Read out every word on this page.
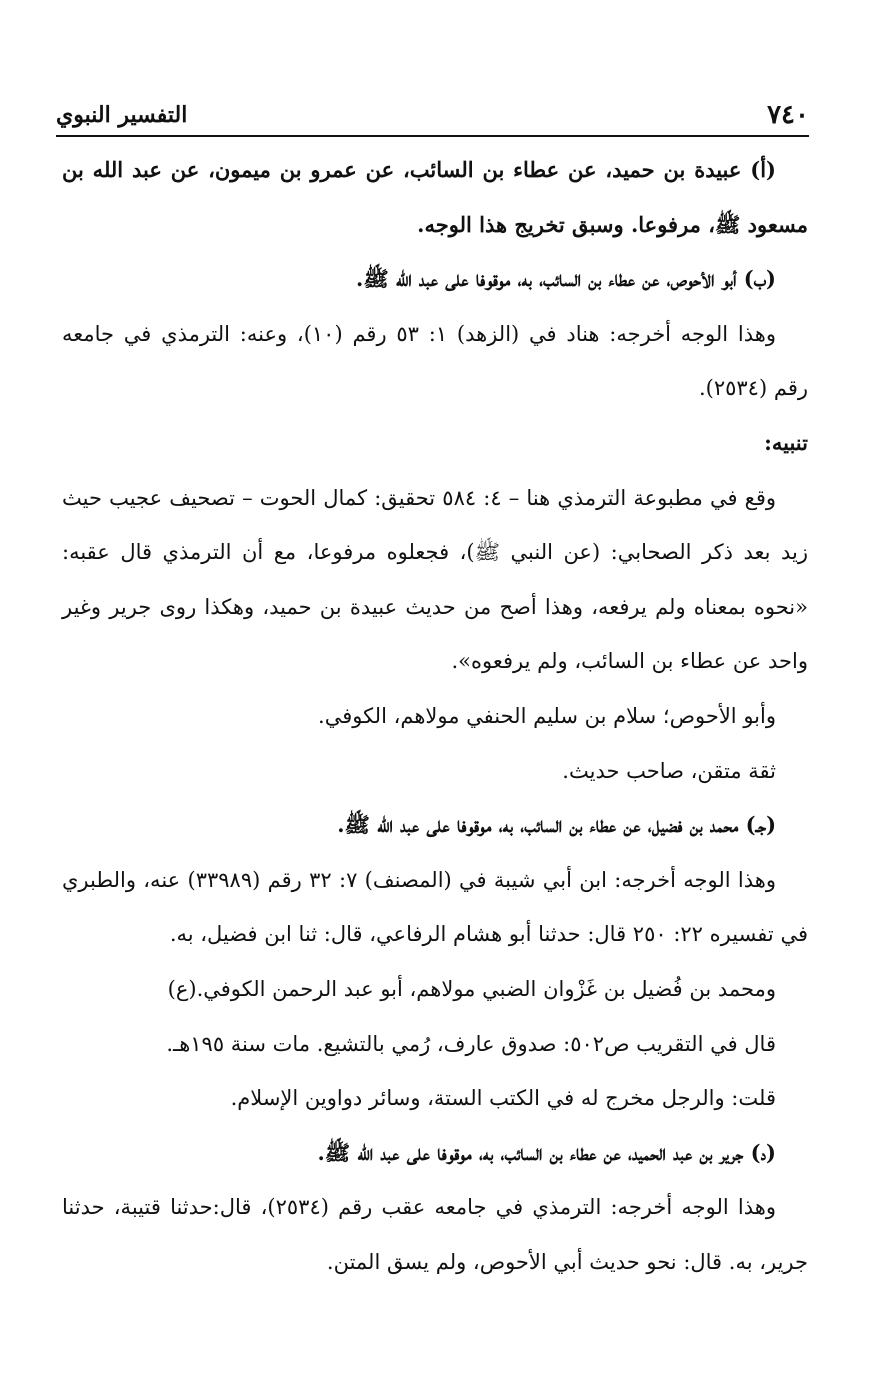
٧٤٠
التفسير النبوي

(أ) عبيدة بن حميد، عن عطاء بن السائب، عن عمرو بن ميمون، عن عبد الله بن مسعود ﷺ، مرفوعا. وسبق تخريج هذا الوجه.

(ب) أبو الأحوص، عن عطاء بن السائب، به، موقوفا على عبد الله ﷺ.

وهذا الوجه أخرجه: هناد في (الزهد) ١: ٥٣ رقم (١٠)، وعنه: الترمذي في جامعه رقم (٢٥٣٤).

تنبيه:

وقع في مطبوعة الترمذي هنا – ٤: ٥٨٤ تحقيق: كمال الحوت – تصحيف عجيب حيث زيد بعد ذكر الصحابي: (عن النبي ﷺ)، فجعلوه مرفوعا، مع أن الترمذي قال عقبه: «نحوه بمعناه ولم يرفعه، وهذا أصح من حديث عبيدة بن حميد، وهكذا روى جرير وغير واحد عن عطاء بن السائب، ولم يرفعوه».

وأبو الأحوص؛ سلام بن سليم الحنفي مولاهم، الكوفي.

ثقة متقن، صاحب حديث.

(جـ) محمد بن فضيل، عن عطاء بن السائب، به، موقوفا على عبد الله ﷺ.

وهذا الوجه أخرجه: ابن أبي شيبة في (المصنف) ٧: ٣٢ رقم (٣٣٩٨٩) عنه، والطبري في تفسيره ٢٢: ٢٥٠ قال: حدثنا أبو هشام الرفاعي، قال: ثنا ابن فضيل، به.

ومحمد بن فُضيل بن غَزْوان الضبي مولاهم، أبو عبد الرحمن الكوفي.(ع)

قال في التقريب ص٥٠٢: صدوق عارف، رُمي بالتشيع. مات سنة ١٩٥هـ.

قلت: والرجل مخرج له في الكتب الستة، وسائر دواوين الإسلام.

(د) جرير بن عبد الحميد، عن عطاء بن السائب، به، موقوفا على عبد الله ﷺ.

وهذا الوجه أخرجه: الترمذي في جامعه عقب رقم (٢٥٣٤)، قال:حدثنا قتيبة، حدثنا جرير، به. قال: نحو حديث أبي الأحوص، ولم يسق المتن.
